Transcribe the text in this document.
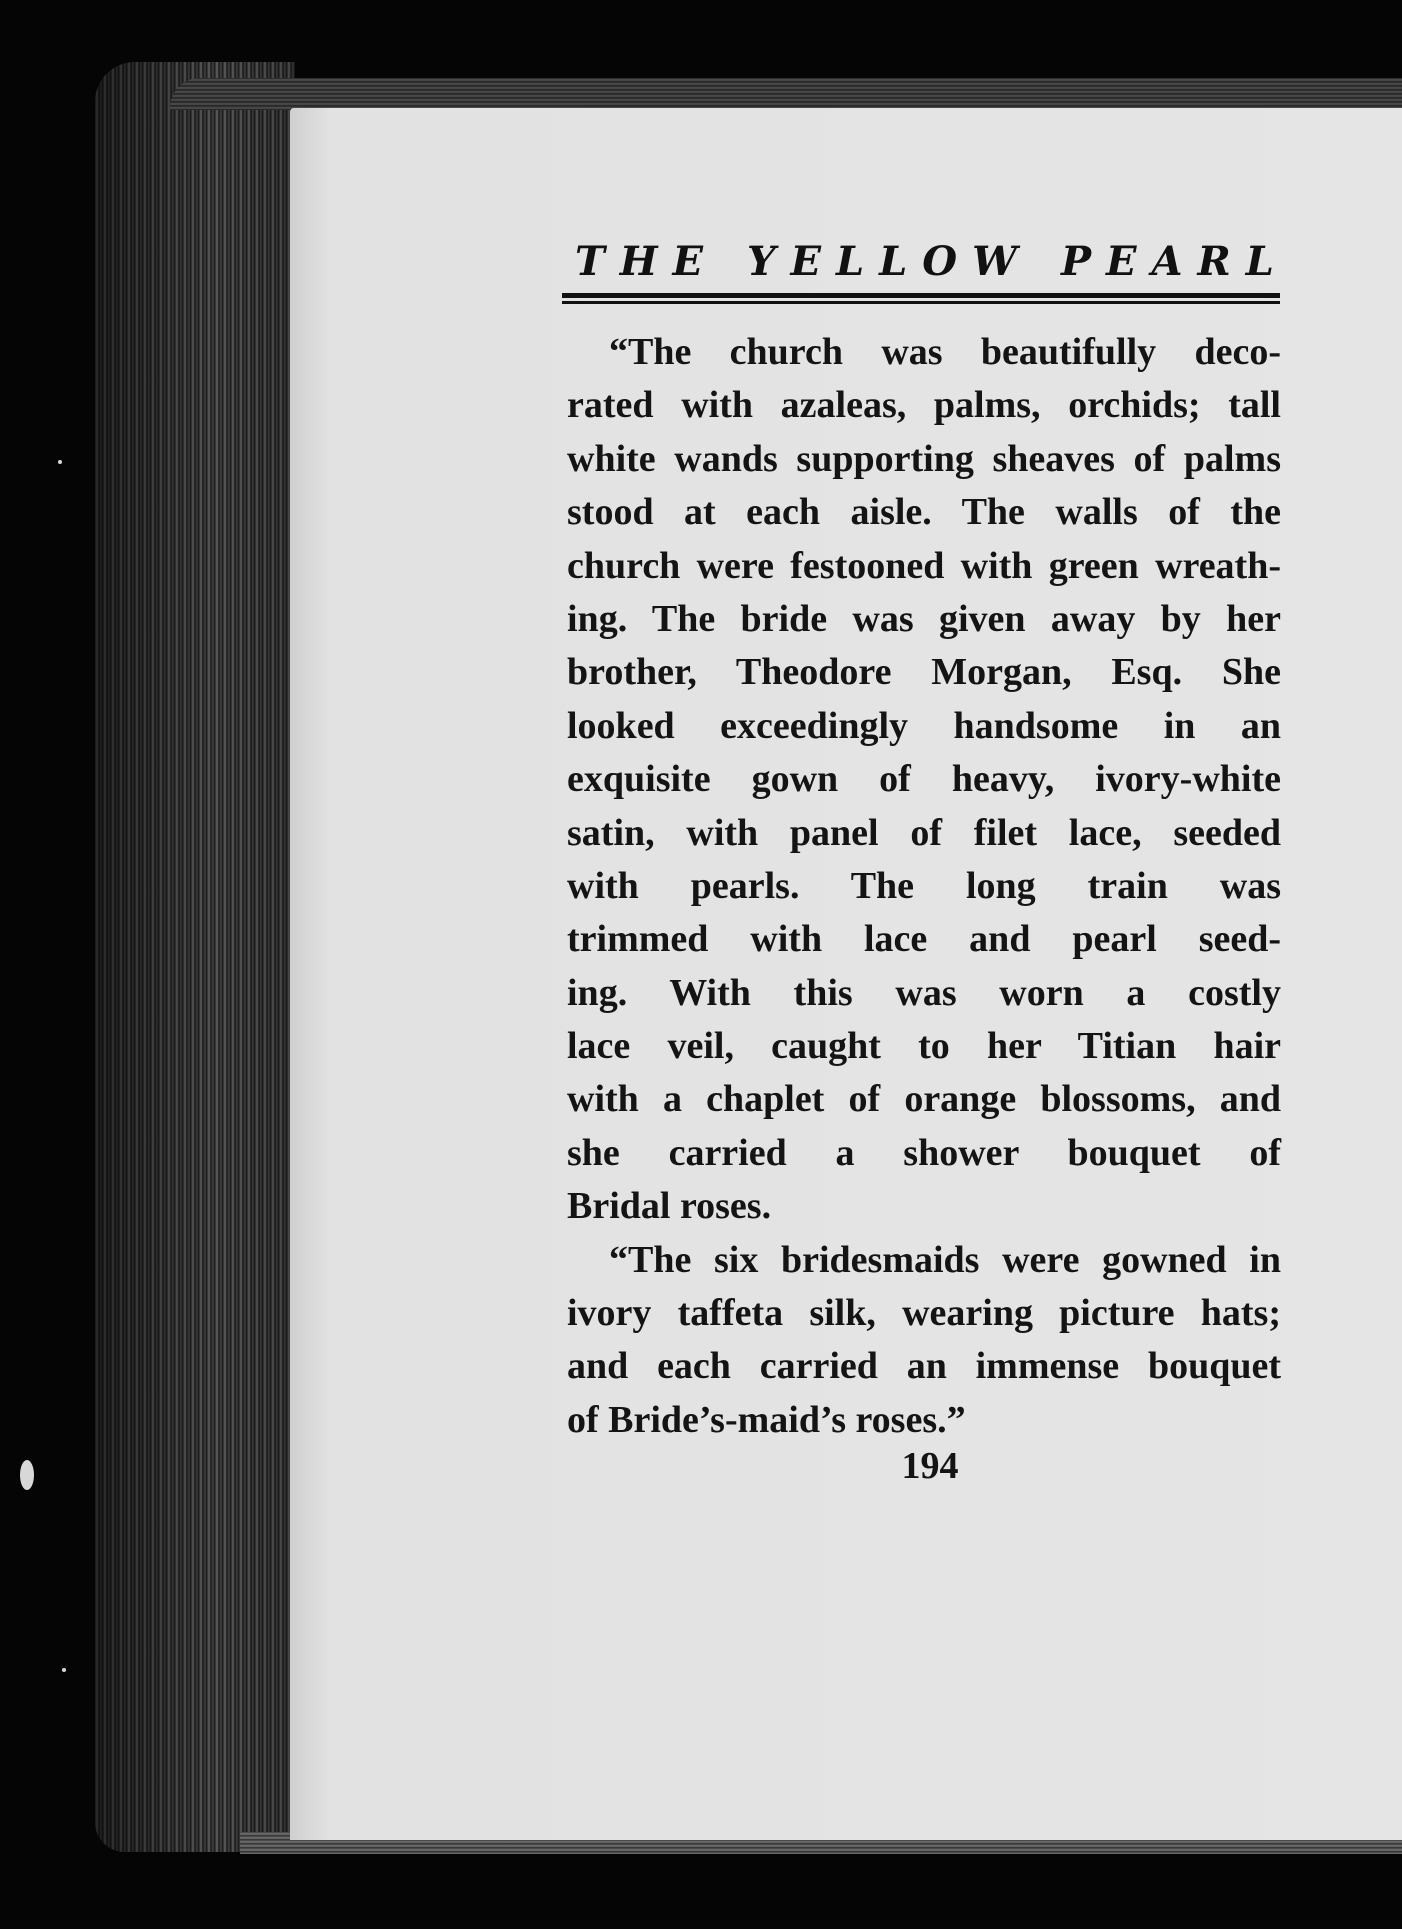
THE YELLOW PEARL
“The church was beautifully deco-
rated with azaleas, palms, orchids; tall
white wands supporting sheaves of palms
stood at each aisle. The walls of the
church were festooned with green wreath-
ing. The bride was given away by her
brother, Theodore Morgan, Esq. She
looked exceedingly handsome in an
exquisite gown of heavy, ivory-white
satin, with panel of filet lace, seeded
with pearls. The long train was
trimmed with lace and pearl seed-
ing. With this was worn a costly
lace veil, caught to her Titian hair
with a chaplet of orange blossoms, and
she carried a shower bouquet of
Bridal roses.
“The six bridesmaids were gowned in
ivory taffeta silk, wearing picture hats;
and each carried an immense bouquet
of Bride’s-maid’s roses.”

194
